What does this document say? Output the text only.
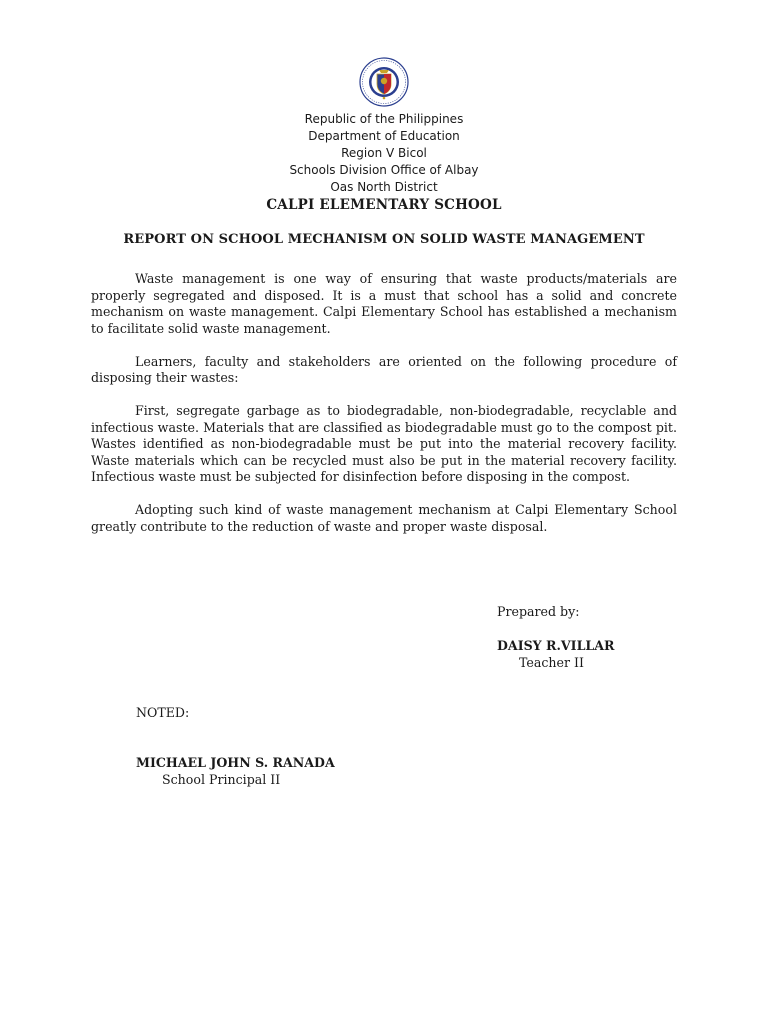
Republic of the Philippines
Department of Education
Region V Bicol
Schools Division Office of Albay
Oas North District
CALPI ELEMENTARY SCHOOL
REPORT ON SCHOOL MECHANISM ON SOLID WASTE MANAGEMENT

Waste management is one way of ensuring that waste products/materials are properly segregated and disposed. It is a must that school has a solid and concrete mechanism on waste management. Calpi Elementary School has established a mechanism to facilitate solid waste management.

Learners, faculty and stakeholders are oriented on the following procedure of disposing their wastes:

First, segregate garbage as to biodegradable, non-biodegradable, recyclable and infectious waste. Materials that are classified as biodegradable must go to the compost pit. Wastes identified as non-biodegradable must be put into the material recovery facility. Waste materials which can be recycled must also be put in the material recovery facility. Infectious waste must be subjected for disinfection before disposing in the compost.

Adopting such kind of waste management mechanism at Calpi Elementary School greatly contribute to the reduction of waste and proper waste disposal.

Prepared by:
DAISY R.VILLAR
Teacher II
NOTED:
MICHAEL JOHN S. RANADA
School Principal II
